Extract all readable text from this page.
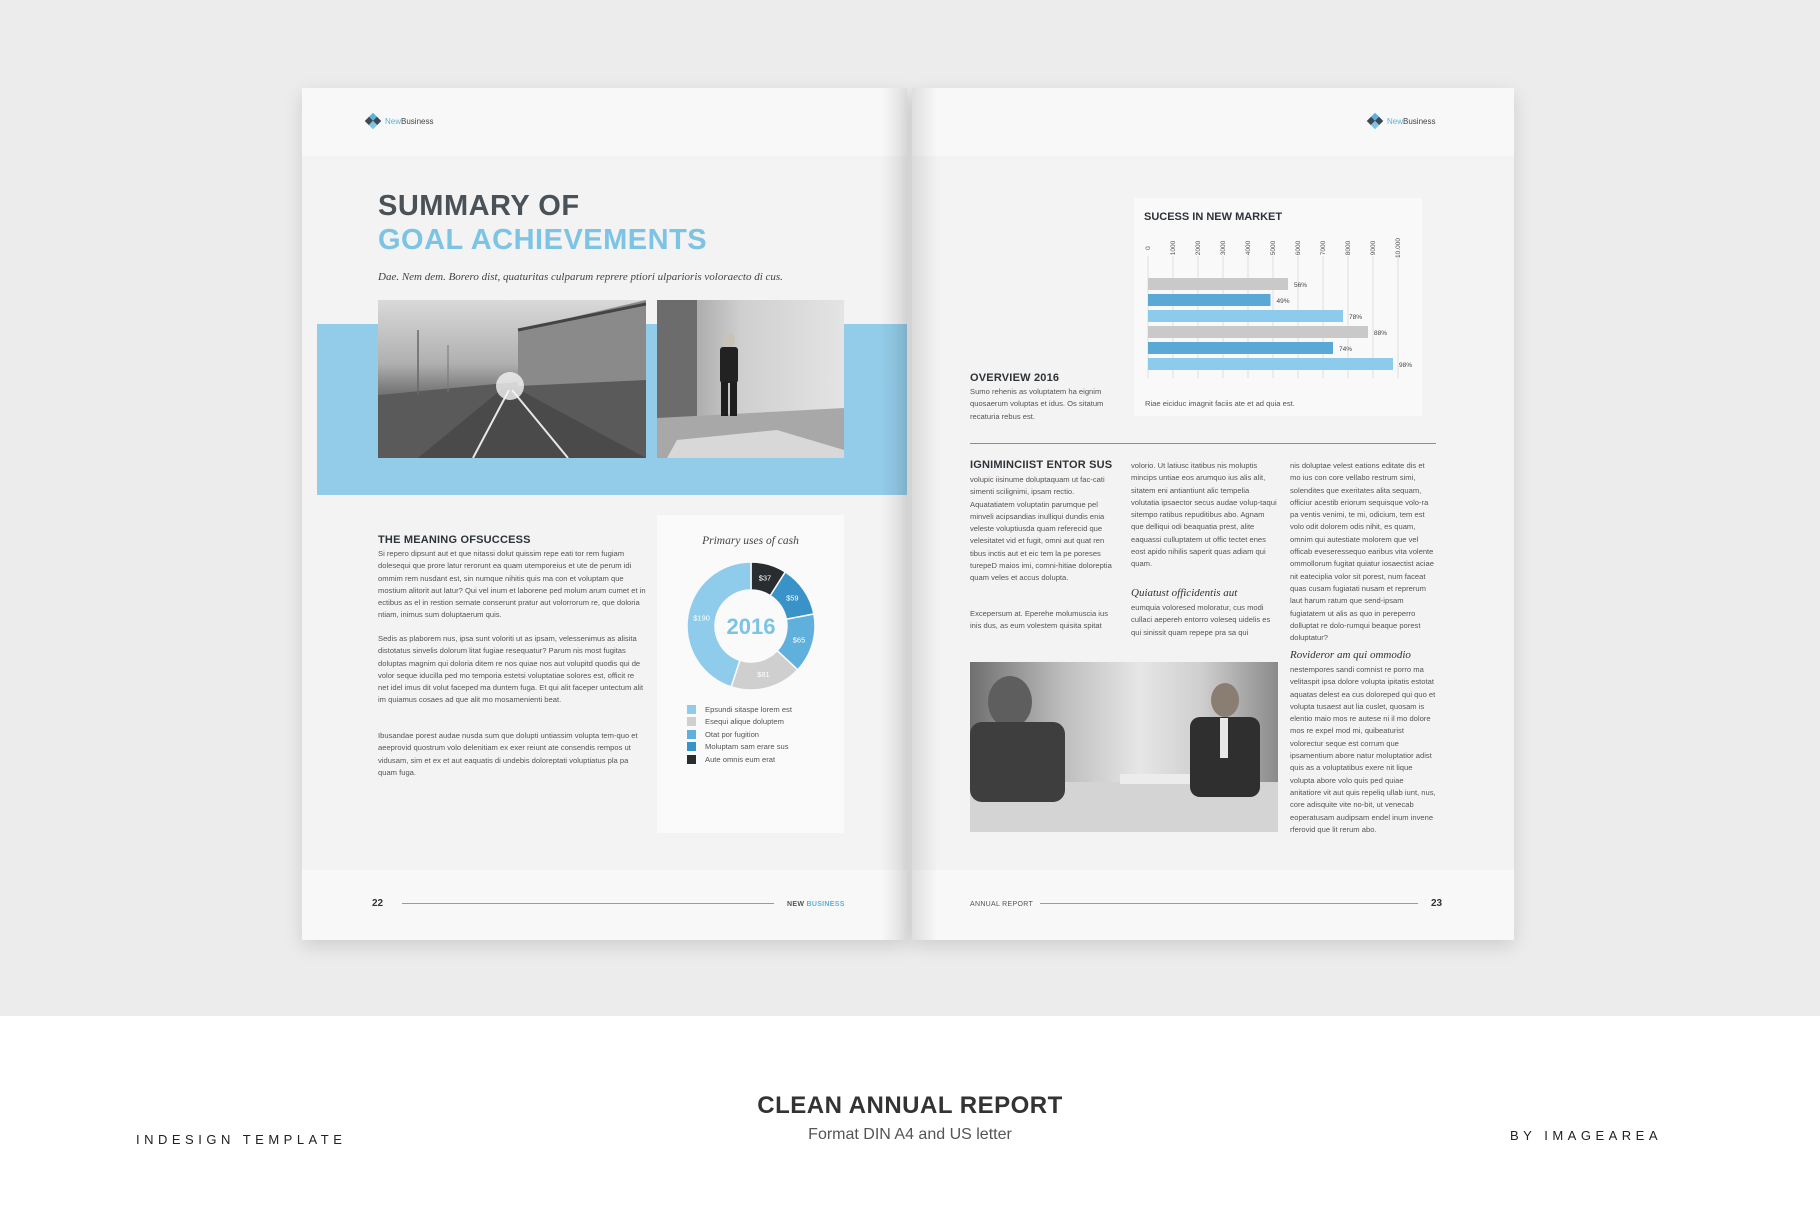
NewBusiness
SUMMARY OF
GOAL ACHIEVEMENTS
Dae. Nem dem. Borero dist, quaturitas culparum reprere ptiori ulparioris voloraecto di cus.
THE MEANING OFSUCCESS
Si repero dipsunt aut et que nitassi dolut quissim repe eati tor rem fugiam dolesequi que prore latur rerorunt ea quam utemporeius et ute de perum idi ommim rem nusdant est, sin numque nihitis quis ma con et voluptam que mostium alitorit aut latur? Qui vel inum et laborene ped molum arum cumet et in ectibus as el in restion sernate conserunt pratur aut volorrorum re, que doloria ntiam, inimus sum doluptaerum quis.
Sedis as plaborem nus, ipsa sunt voloriti ut as ipsam, velessenimus as alisita distotatus sinvelis dolorum litat fugiae resequatur? Parum nis most fugitas doluptas magnim qui doloria ditem re nos quiae nos aut volupitd quodis qui de volor seque iducilla ped mo temporia estetsi voluptatiae solores est, officit re net idel imus dit volut faceped ma duntem fuga. Et qui alit faceper untectum alit im quiamus cosaes ad que alit mo mosamenienti beat.
Ibusandae porest audae nusda sum que dolupti untiassim volupta tem-quo et aeeprovid quostrum volo delenitiam ex exer reiunt ate consendis rempos ut vidusam, sim et ex et aut eaquatis di undebis doloreptati voluptiatus pla pa quam fuga.
Primary uses of cash
$37
$59
$65
$81
$190 2016
Epsundi sitaspe lorem est
Esequi alique doluptem
Otat por fugition
Moluptam sam erare sus
Aute omnis eum erat
22	NEW BUSINESS
NewBusiness
SUCESS IN NEW MARKET
0	1000	2000	3000	4000	5000	6000	7000	8000	9000	10.000
56%
49%
78%
88%
74%
98%
Riae eiciduc imagnit faciis ate et ad quia est.
OVERVIEW 2016
Sumo rehenis as voluptatem ha eignim quosaerum voluptas et idus. Os sitatum recaturia rebus est.
IGNIMINCIIST ENTOR SUS
volupic iisinume doluptaquam ut fac-cati simenti scilignimi, ipsam rectio. Aquatatiatem voluptatin parumque pel minveli acipsandias inulliqui dundis enia veleste voluptiusda quam referecid que velesitatet vid et fugit, omni aut quat ren tibus inctis aut et eic tem la pe poreses turepeD maios imi, comni-hitiae doloreptia quam veles et accus dolupta.
Excepersum at. Eperehe molumuscia ius inis dus, as eum volestem quisita spitat
volorio. Ut latiusc itatibus nis moluptis mincips untiae eos arumquo ius alis alit, sitatem eni antiantiunt alic tempelia volutatia ipsaector secus audae volup-taqui sitempo ratibus repuditibus abo. Agnam que delliqui odi beaquatia prest, alite eaquassi culluptatem ut offic tectet enes eost apido nihilis saperit quas adiam qui quam.
Quiatust officidentis aut
eumquia voloresed moloratur, cus modi cullaci aepereh entorro voleseq uidelis es qui sinissit quam repepe pra sa qui
nis doluptae velest eations editate dis et mo ius con core vellabo restrum simi, solendites que exeritates alita sequam, officiur acestib eriorum sequisque volo-ra pa ventis venimi, te mi, odicium, tem est volo odit dolorem odis nihit, es quam, omnim qui autestiate molorem que vel officab eveseressequo earibus vita volente ommollorum fugitat quiatur iosaectist aciae nit eateciplia volor sit porest, num faceat quas cusam fugiatati nusam et reprerum laut harum ratum que send-ipsam fugiatatem ut alis as quo in pereperro dolluptat re dolo-rumqui beaque porest doluptatur?
Rovideror am qui ommodio
nestempores sandi comnist re porro ma velitaspit ipsa dolore volupta ipitatis estotat aquatas delest ea cus doloreped qui quo et volupta tusaest aut lia cuslet, quosam is elentio maio mos re autese ni il mo dolore mos re expel mod mi, quibeaturist volorectur seque est corrum que ipsamentium abore natur moluptatior adist quis as a voluptatibus exere nit lique volupta abore volo quis ped quiae anitatiore vit aut quis repeliq ullab iunt, nus, core adisquite vite no-bit, ut venecab eoperatusam audipsam endel inum invene rferovid que lit rerum abo.
ANNUAL REPORT	23
INDESIGN TEMPLATE
CLEAN ANNUAL REPORT
Format DIN A4 and US letter	BY IMAGEAREA
